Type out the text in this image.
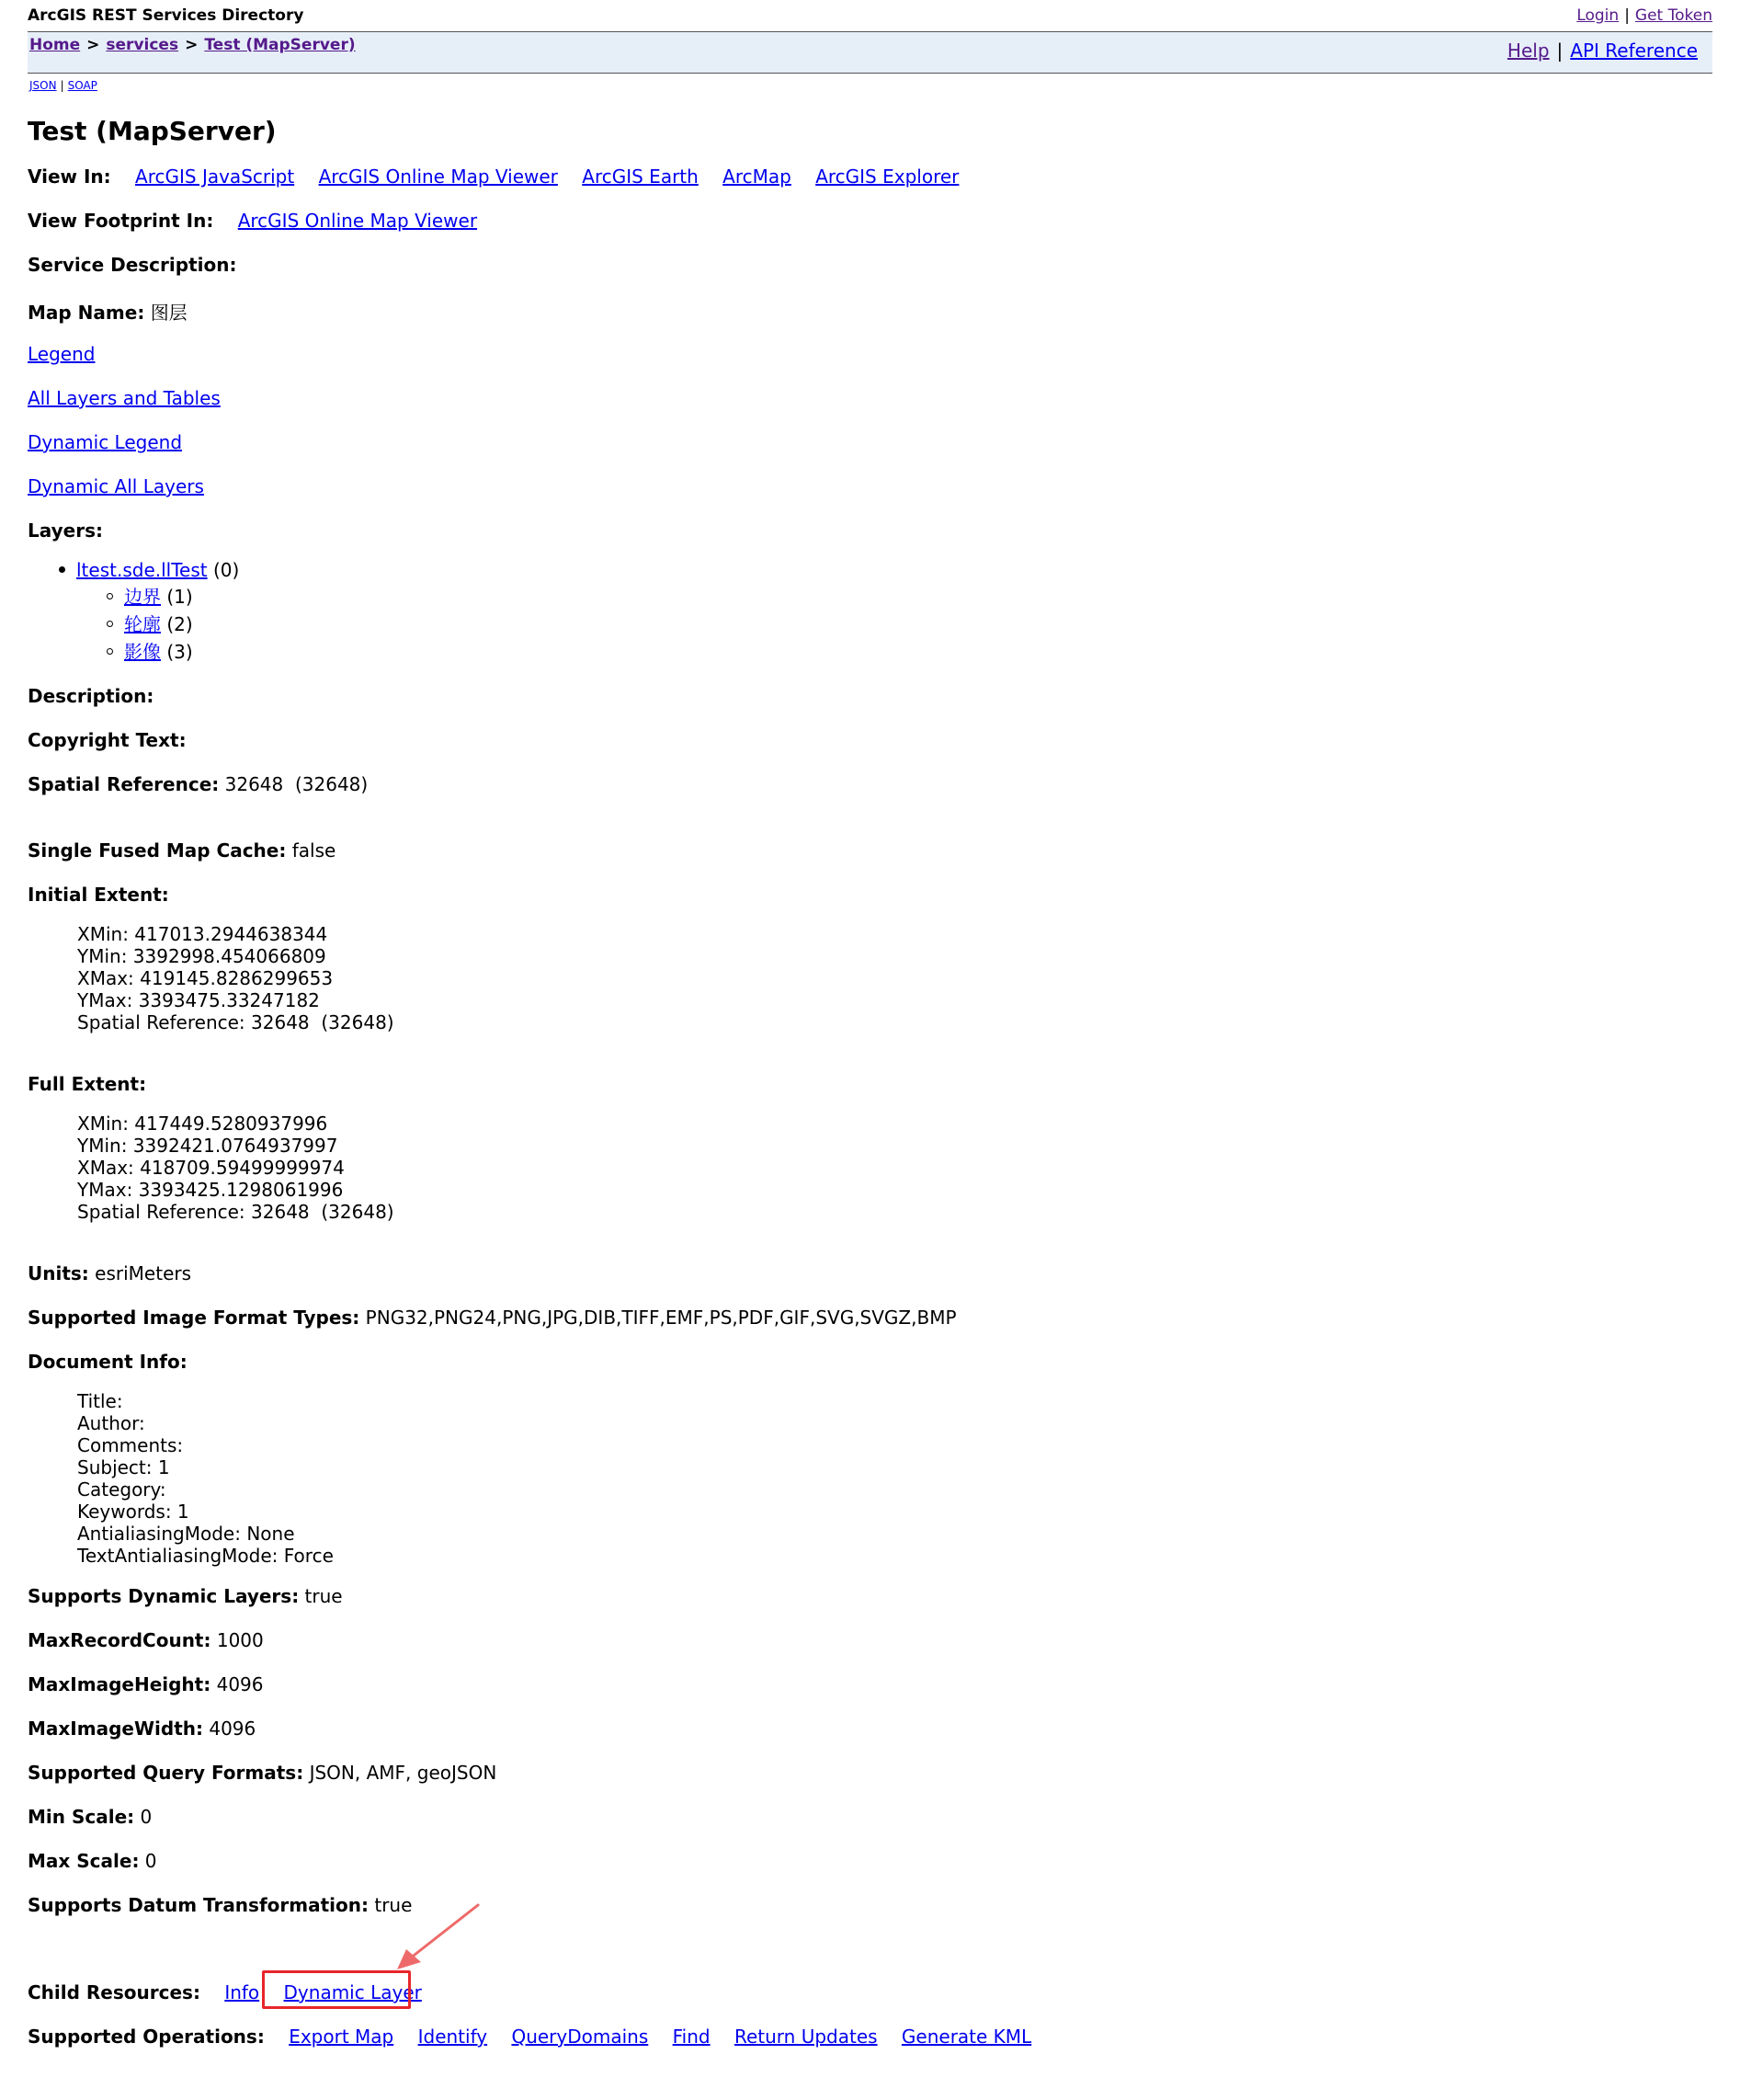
ArcGIS REST Services Directory	Login | Get Token
Home > services > Test (MapServer)	Help | API Reference
JSON | SOAP
Test (MapServer)
View In: ArcGIS JavaScript ArcGIS Online Map Viewer ArcGIS Earth ArcMap ArcGIS Explorer
View Footprint In: ArcGIS Online Map Viewer
Service Description:
Map Name: 图层
Legend
All Layers and Tables
Dynamic Legend
Dynamic All Layers
Layers:
ltest.sde.llTest (0)
边界 (1)
轮廓 (2)
影像 (3)
Description:
Copyright Text:
Spatial Reference: 32648  (32648)
Single Fused Map Cache: false
Initial Extent:
XMin: 417013.2944638344
YMin: 3392998.454066809
XMax: 419145.8286299653
YMax: 3393475.33247182
Spatial Reference: 32648  (32648)
Full Extent:
XMin: 417449.5280937996
YMin: 3392421.0764937997
XMax: 418709.59499999974
YMax: 3393425.1298061996
Spatial Reference: 32648  (32648)
Units: esriMeters
Supported Image Format Types: PNG32,PNG24,PNG,JPG,DIB,TIFF,EMF,PS,PDF,GIF,SVG,SVGZ,BMP
Document Info:
Title:
Author:
Comments:
Subject: 1
Category:
Keywords: 1
AntialiasingMode: None
TextAntialiasingMode: Force
Supports Dynamic Layers: true
MaxRecordCount: 1000
MaxImageHeight: 4096
MaxImageWidth: 4096
Supported Query Formats: JSON, AMF, geoJSON
Min Scale: 0
Max Scale: 0
Supports Datum Transformation: true
Child Resources: Info Dynamic Layer
Supported Operations: Export Map Identify QueryDomains Find Return Updates Generate KML
